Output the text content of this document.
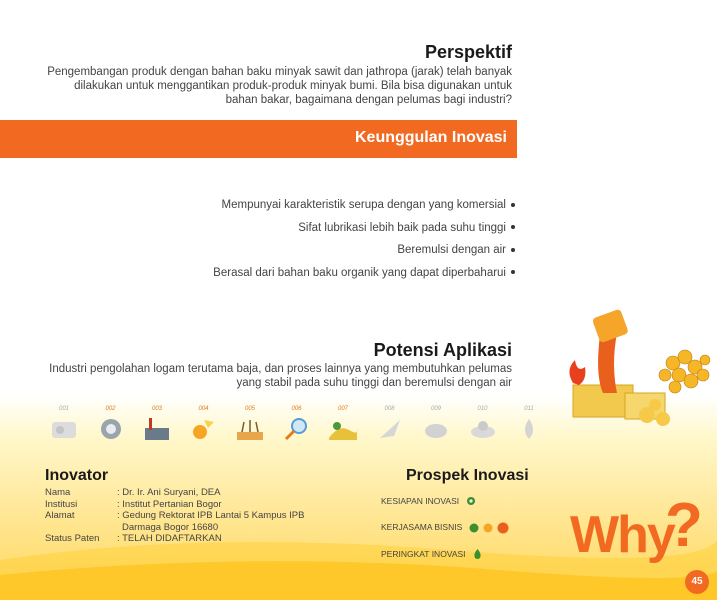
Perspektif
Pengembangan produk dengan bahan baku minyak sawit dan jathropa (jarak) telah banyak dilakukan untuk menggantikan produk-produk minyak bumi. Bila bisa digunakan untuk bahan bakar, bagaimana dengan pelumas bagi industri?
Keunggulan Inovasi
Mempunyai karakteristik serupa dengan yang komersial
Sifat lubrikasi lebih baik pada suhu tinggi
Beremulsi dengan air
Berasal dari bahan baku organik yang dapat diperbaharui
Potensi Aplikasi
Industri pengolahan logam terutama baja, dan proses lainnya yang membutuhkan pelumas yang stabil pada suhu tinggi dan beremulsi dengan air
001	002	003	004	005	006	007	008	009	010	011
Inovator
Nama	: Dr. Ir. Ani Suryani, DEA
Institusi	: Institut Pertanian Bogor
Alamat	: Gedung Rektorat IPB Lantai 5 Kampus IPB
Darmaga Bogor 16680
Status Paten	: TELAH DIDAFTARKAN
Prospek Inovasi
KESIAPAN INOVASI
KERJASAMA BISNIS
PERINGKAT INOVASI Why
?
45
